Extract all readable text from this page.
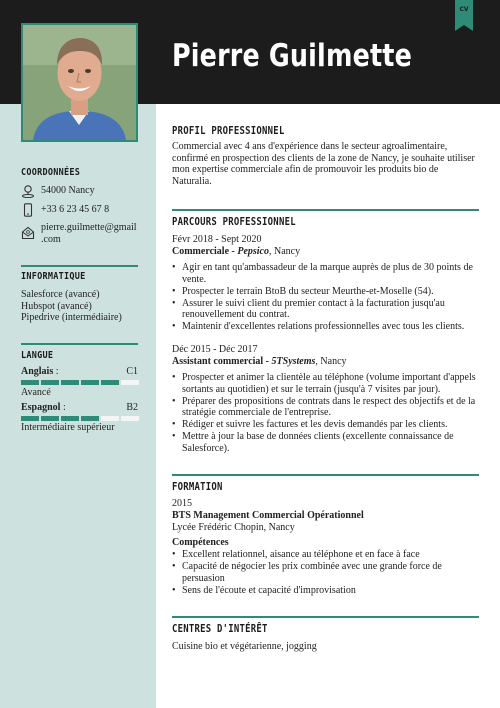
Pierre Guilmette
CV
COORDONNÉES
54000 Nancy
+33 6 23 45 67 8
pierre.guilmette@gmail
.com
INFORMATIQUE
Salesforce (avancé)
Hubspot (avancé)
Pipedrive (intermédiaire)
LANGUE
Anglais :	C1
Avancé
Espagnol :	B2
Intermédiaire supérieur
PROFIL PROFESSIONNEL
Commercial avec 4 ans d'expérience dans le secteur agroalimentaire, confirmé en prospection des clients de la zone de Nancy, je souhaite utiliser mon expertise commerciale afin de promouvoir les produits bio de Naturalia.
PARCOURS PROFESSIONNEL
Févr 2018 - Sept 2020
Commerciale - Pepsico, Nancy
• Agir en tant qu'ambassadeur de la marque auprès de plus de 30 points de vente.
• Prospecter le terrain BtoB du secteur Meurthe-et-Moselle (54).
• Assurer le suivi client du premier contact à la facturation jusqu'au renouvellement du contrat.
• Maintenir d'excellentes relations professionnelles avec tous les clients.
Déc 2015 - Déc 2017
Assistant commercial - 5TSystems, Nancy
• Prospecter et animer la clientèle au téléphone (volume important d'appels sortants au quotidien) et sur le terrain (jusqu'à 7 visites par jour).
• Préparer des propositions de contrats dans le respect des objectifs et de la stratégie commerciale de l'entreprise.
• Rédiger et suivre les factures et les devis demandés par les clients.
• Mettre à jour la base de données clients (excellente connaissance de Salesforce).
FORMATION
2015
BTS Management Commercial Opérationnel
Lycée Frédéric Chopin, Nancy
Compétences
• Excellent relationnel, aisance au téléphone et en face à face
• Capacité de négocier les prix combinée avec une grande force de persuasion
• Sens de l'écoute et capacité d'improvisation
CENTRES D'INTÉRÊT
Cuisine bio et végétarienne, jogging
